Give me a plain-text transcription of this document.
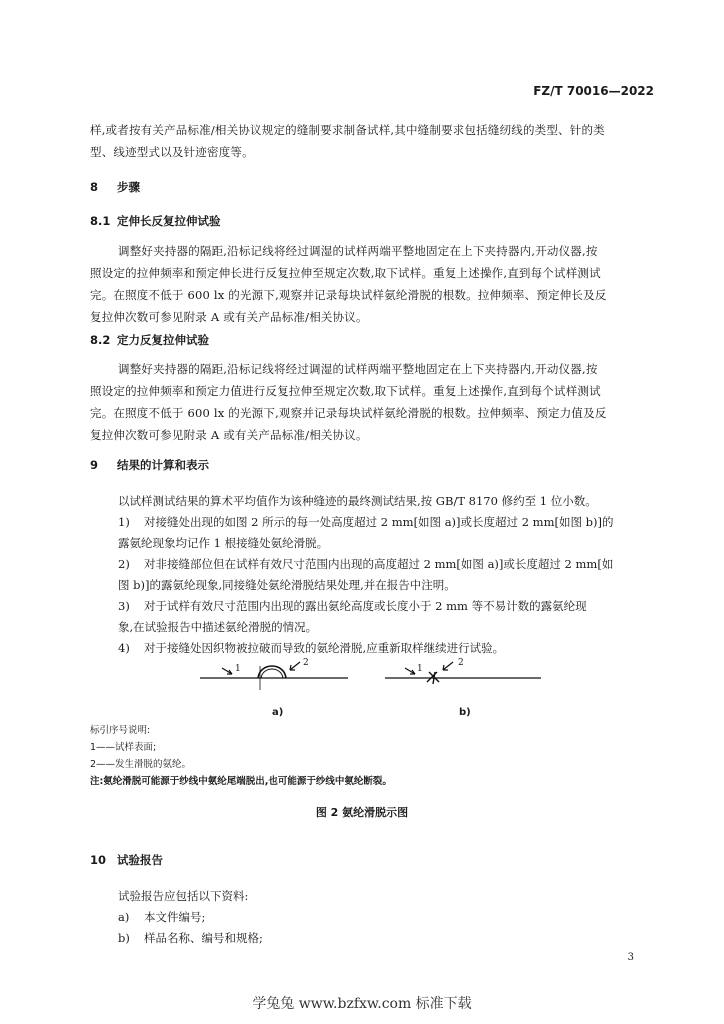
FZ/T 70016—2022
样,或者按有关产品标准/相关协议规定的缝制要求制备试样,其中缝制要求包括缝纫线的类型、针的类
型、线迹型式以及针迹密度等。
8 步骤
8.1 定伸长反复拉伸试验
调整好夹持器的隔距,沿标记线将经过调湿的试样两端平整地固定在上下夹持器内,开动仪器,按
照设定的拉伸频率和预定伸长进行反复拉伸至规定次数,取下试样。重复上述操作,直到每个试样测试
完。在照度不低于 600 lx 的光源下,观察并记录每块试样氨纶滑脱的根数。拉伸频率、预定伸长及反
复拉伸次数可参见附录 A 或有关产品标准/相关协议。
8.2 定力反复拉伸试验
调整好夹持器的隔距,沿标记线将经过调湿的试样两端平整地固定在上下夹持器内,开动仪器,按
照设定的拉伸频率和预定力值进行反复拉伸至规定次数,取下试样。重复上述操作,直到每个试样测试
完。在照度不低于 600 lx 的光源下,观察并记录每块试样氨纶滑脱的根数。拉伸频率、预定力值及反
复拉伸次数可参见附录 A 或有关产品标准/相关协议。
9 结果的计算和表示
以试样测试结果的算术平均值作为该种缝迹的最终测试结果,按 GB/T 8170 修约至 1 位小数。
1) 对接缝处出现的如图 2 所示的每一处高度超过 2 mm[如图 a)]或长度超过 2 mm[如图 b)]的
露氨纶现象均记作 1 根接缝处氨纶滑脱。
2) 对非接缝部位但在试样有效尺寸范围内出现的高度超过 2 mm[如图 a)]或长度超过 2 mm[如
图 b)]的露氨纶现象,同接缝处氨纶滑脱结果处理,并在报告中注明。
3) 对于试样有效尺寸范围内出现的露出氨纶高度或长度小于 2 mm 等不易计数的露氨纶现
象,在试验报告中描述氨纶滑脱的情况。
4) 对于接缝处因织物被拉破而导致的氨纶滑脱,应重新取样继续进行试验。
1
2
1
2
a)	b)
标引序号说明:
1——试样表面;
2——发生滑脱的氨纶。
注:氨纶滑脱可能源于纱线中氨纶尾端脱出,也可能源于纱线中氨纶断裂。
图 2 氨纶滑脱示图
10 试验报告
试验报告应包括以下资料:
a) 本文件编号;
b) 样品名称、编号和规格;
3
学兔兔 www.bzfxw.com 标准下载
